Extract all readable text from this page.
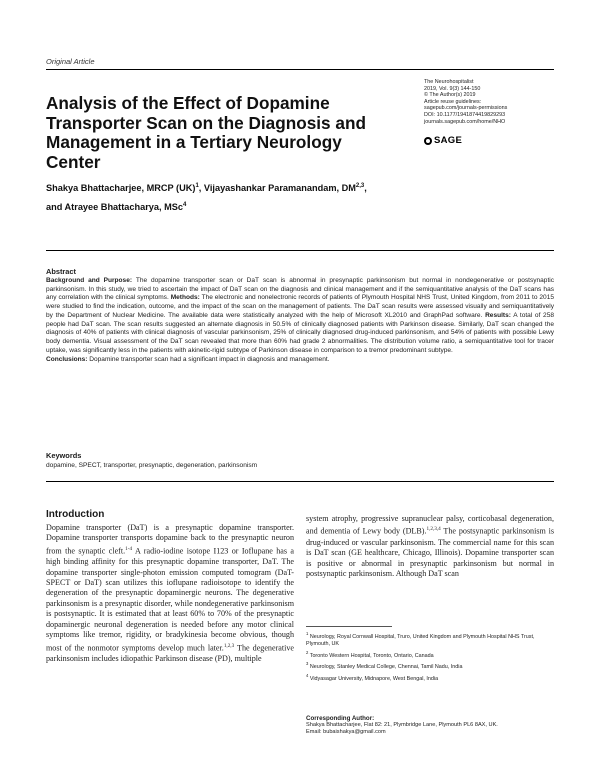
Original Article
Analysis of the Effect of Dopamine Transporter Scan on the Diagnosis and Management in a Tertiary Neurology Center
The Neurohospitalist
2019, Vol. 9(3) 144-150
© The Author(s) 2019
Article reuse guidelines:
sagepub.com/journals-permissions
DOI: 10.1177/1941874419829293
journals.sagepub.com/home/NHO
SAGE
Shakya Bhattacharjee, MRCP (UK)$^1$, Vijayashankar Paramanandam, DM$^{2,3}$,
and Atrayee Bhattacharya, MSc$^4$
Abstract
Background and Purpose: The dopamine transporter scan or DaT scan is abnormal in presynaptic parkinsonism but normal in nondegenerative or postsynaptic parkinsonism. In this study, we tried to ascertain the impact of DaT scan on the diagnosis and clinical management and if the semiquantitative analysis of the DaT scans has any correlation with the clinical symptoms. Methods: The electronic and nonelectronic records of patients of Plymouth Hospital NHS Trust, United Kingdom, from 2011 to 2015 were studied to find the indication, outcome, and the impact of the scan on the management of patients. The DaT scan results were assessed visually and semiquantitatively by the Department of Nuclear Medicine. The available data were statistically analyzed with the help of Microsoft XL2010 and GraphPad software. Results: A total of 258 people had DaT scan. The scan results suggested an alternate diagnosis in 50.5% of clinically diagnosed patients with Parkinson disease. Similarly, DaT scan changed the diagnosis of 40% of patients with clinical diagnosis of vascular parkinsonism, 25% of clinically diagnosed drug-induced parkinsonism, and 54% of patients with possible Lewy body dementia. Visual assessment of the DaT scan revealed that more than 60% had grade 2 abnormalities. The distribution volume ratio, a semiquantitative tool for tracer uptake, was significantly less in the patients with akinetic-rigid subtype of Parkinson disease in comparison to a tremor predominant subtype.
Conclusions: Dopamine transporter scan had a significant impact in diagnosis and management.
Keywords
dopamine, SPECT, transporter, presynaptic, degeneration, parkinsonism
Introduction
Dopamine transporter (DaT) is a presynaptic dopamine transporter. Dopamine transporter transports dopamine back to the presynaptic neuron from the synaptic cleft.$^{1-4}$ A radio-iodine isotope I123 or Ioflupane has a high binding affinity for this presynaptic dopamine transporter, DaT. The dopamine transporter single-photon emission computed tomogram (DaT-SPECT or DaT) scan utilizes this ioflupane radioisotope to identify the degeneration of the presynaptic dopaminergic neurons. The degenerative parkinsonism is a presynaptic disorder, while nondegenerative parkinsonism is postsynaptic. It is estimated that at least 60% to 70% of the presynaptic dopaminergic neuronal degeneration is needed before any motor clinical symptoms like tremor, rigidity, or bradykinesia become obvious, though most of the nonmotor symptoms develop much later.$^{1,2,3}$ The degenerative parkinsonism includes idiopathic Parkinson disease (PD), multiple
system atrophy, progressive supranuclear palsy, corticobasal degeneration, and dementia of Lewy body (DLB).$^{1,2,3,4}$ The postsynaptic parkinsonism is drug-induced or vascular parkinsonism. The commercial name for this scan is DaT scan (GE healthcare, Chicago, Illinois). Dopamine transporter scan is positive or abnormal in presynaptic parkinsonism but normal in postsynaptic parkinsonism. Although DaT scan
$^1$ Neurology, Royal Cornwall Hospital, Truro, United Kingdom and Plymouth Hospital NHS Trust, Plymouth, UK
$^2$ Toronto Western Hospital, Toronto, Ontario, Canada
$^3$ Neurology, Stanley Medical College, Chennai, Tamil Nadu, India
$^4$ Vidyasagar University, Midnapore, West Bengal, India
Corresponding Author:
Shakya Bhattacharjee, Flat 82: 21, Plymbridge Lane, Plymouth PL6 8AX, UK.
Email: bubaishakya@gmail.com
